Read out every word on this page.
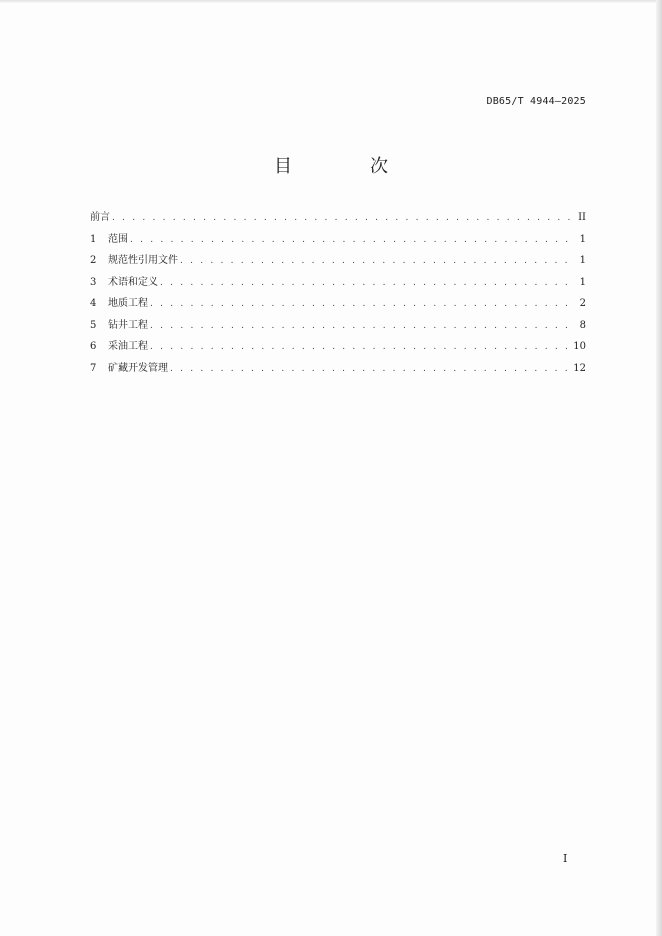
DB65/T 4944—2025
目　次
前言 . . .	II
1	范围 . . .	1
2	规范性引用文件 . . .	1
3	术语和定义 . . .	1
4	地质工程 . . .	2
5	钻井工程 . . .	8
6	采油工程 . . .	10
7	矿藏开发管理 . . .	12
I
